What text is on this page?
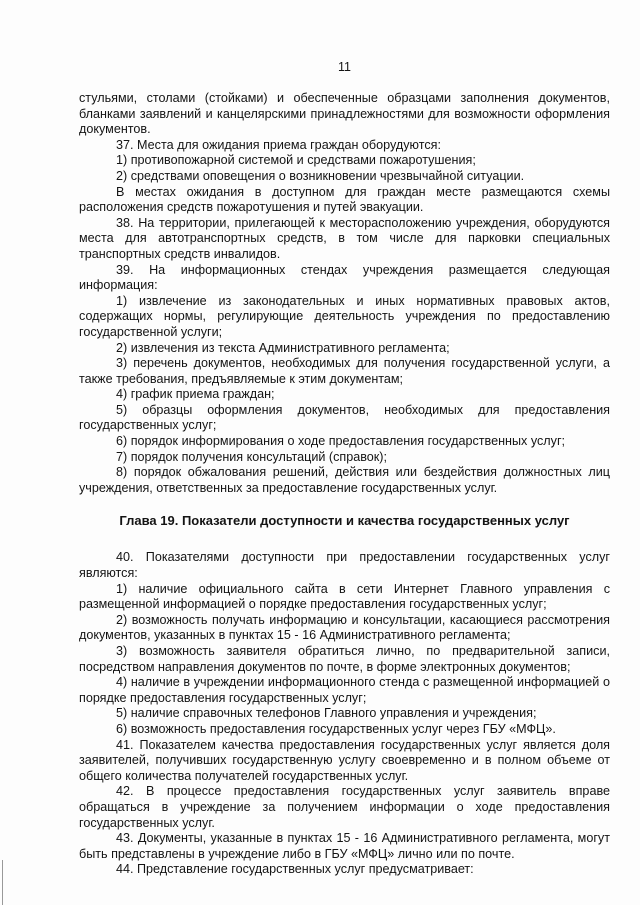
11

стульями, столами (стойками) и обеспеченные образцами заполнения документов, бланками заявлений и канцелярскими принадлежностями для возможности оформления документов.

37. Места для ожидания приема граждан оборудуются:

1) противопожарной системой и средствами пожаротушения;

2) средствами оповещения о возникновении чрезвычайной ситуации.

В местах ожидания в доступном для граждан месте размещаются схемы расположения средств пожаротушения и путей эвакуации.

38. На территории, прилегающей к месторасположению учреждения, оборудуются места для автотранспортных средств, в том числе для парковки специальных транспортных средств инвалидов.

39. На информационных стендах учреждения размещается следующая информация:

1) извлечение из законодательных и иных нормативных правовых актов, содержащих нормы, регулирующие деятельность учреждения по предоставлению государственной услуги;

2) извлечения из текста Административного регламента;

3) перечень документов, необходимых для получения государственной услуги, а также требования, предъявляемые к этим документам;

4) график приема граждан;

5) образцы оформления документов, необходимых для предоставления государственных услуг;

6) порядок информирования о ходе предоставления государственных услуг;

7) порядок получения консультаций (справок);

8) порядок обжалования решений, действия или бездействия должностных лиц учреждения, ответственных за предоставление государственных услуг.

Глава 19. Показатели доступности и качества государственных услуг

40. Показателями доступности при предоставлении государственных услуг являются:

1) наличие официального сайта в сети Интернет Главного управления с размещенной информацией о порядке предоставления государственных услуг;

2) возможность получать информацию и консультации, касающиеся рассмотрения документов, указанных в пунктах 15 - 16 Административного регламента;

3) возможность заявителя обратиться лично, по предварительной записи, посредством направления документов по почте, в форме электронных документов;

4) наличие в учреждении информационного стенда с размещенной информацией о порядке предоставления государственных услуг;

5) наличие справочных телефонов Главного управления и учреждения;

6) возможность предоставления государственных услуг через ГБУ «МФЦ».

41. Показателем качества предоставления государственных услуг является доля заявителей, получивших государственную услугу своевременно и в полном объеме от общего количества получателей государственных услуг.

42. В процессе предоставления государственных услуг заявитель вправе обращаться в учреждение за получением информации о ходе предоставления государственных услуг.

43. Документы, указанные в пунктах 15 - 16 Административного регламента, могут быть представлены в учреждение либо в ГБУ «МФЦ» лично или по почте.

44. Представление государственных услуг предусматривает:
